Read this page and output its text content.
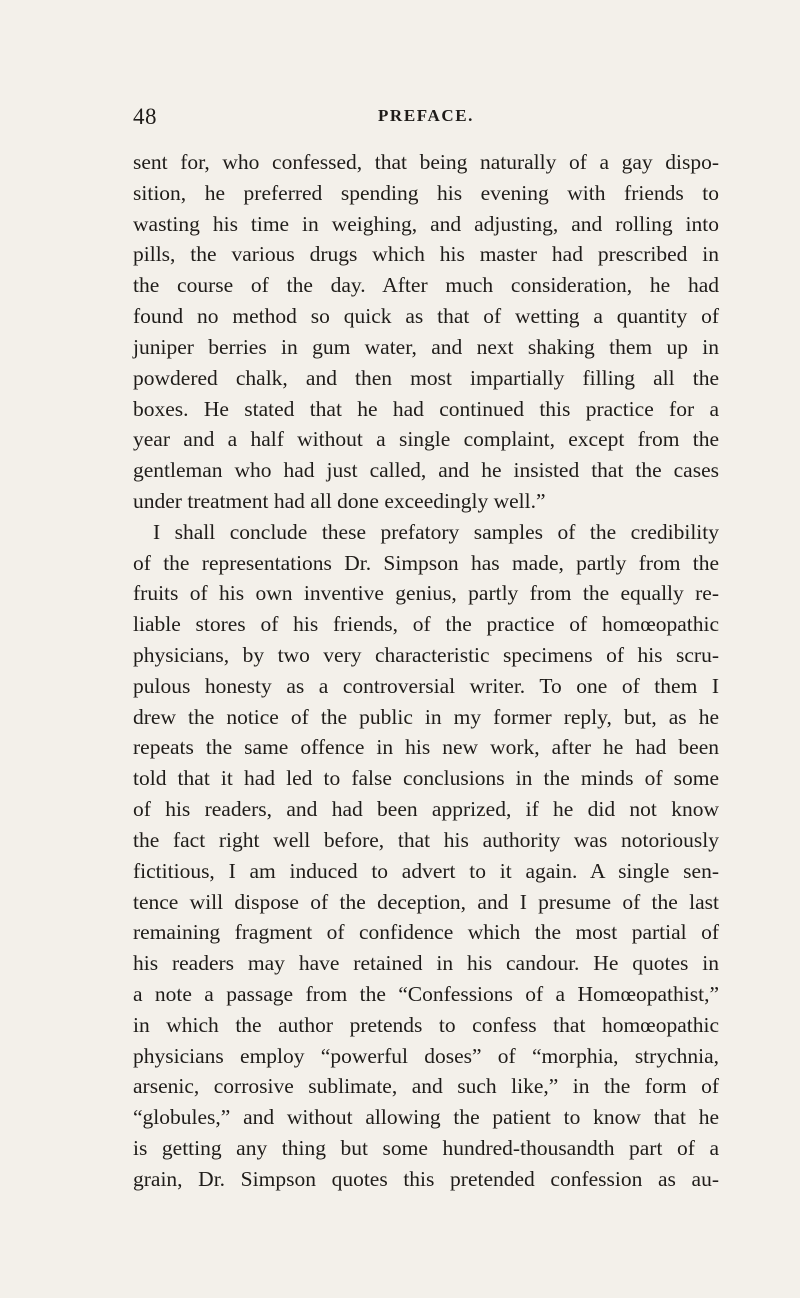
48	PREFACE.
sent for, who confessed, that being naturally of a gay dispo-
sition, he preferred spending his evening with friends to
wasting his time in weighing, and adjusting, and rolling into
pills, the various drugs which his master had prescribed in
the course of the day. After much consideration, he had
found no method so quick as that of wetting a quantity of
juniper berries in gum water, and next shaking them up in
powdered chalk, and then most impartially filling all the
boxes. He stated that he had continued this practice for a
year and a half without a single complaint, except from the
gentleman who had just called, and he insisted that the cases
under treatment had all done exceedingly well.”
I shall conclude these prefatory samples of the credibility
of the representations Dr. Simpson has made, partly from the
fruits of his own inventive genius, partly from the equally re-
liable stores of his friends, of the practice of homœopathic
physicians, by two very characteristic specimens of his scru-
pulous honesty as a controversial writer. To one of them I
drew the notice of the public in my former reply, but, as he
repeats the same offence in his new work, after he had been
told that it had led to false conclusions in the minds of some
of his readers, and had been apprized, if he did not know
the fact right well before, that his authority was notoriously
fictitious, I am induced to advert to it again. A single sen-
tence will dispose of the deception, and I presume of the last
remaining fragment of confidence which the most partial of
his readers may have retained in his candour. He quotes in
a note a passage from the “Confessions of a Homœopathist,”
in which the author pretends to confess that homœopathic
physicians employ “powerful doses” of “morphia, strychnia,
arsenic, corrosive sublimate, and such like,” in the form of
“globules,” and without allowing the patient to know that he
is getting any thing but some hundred-thousandth part of a
grain, Dr. Simpson quotes this pretended confession as au-
